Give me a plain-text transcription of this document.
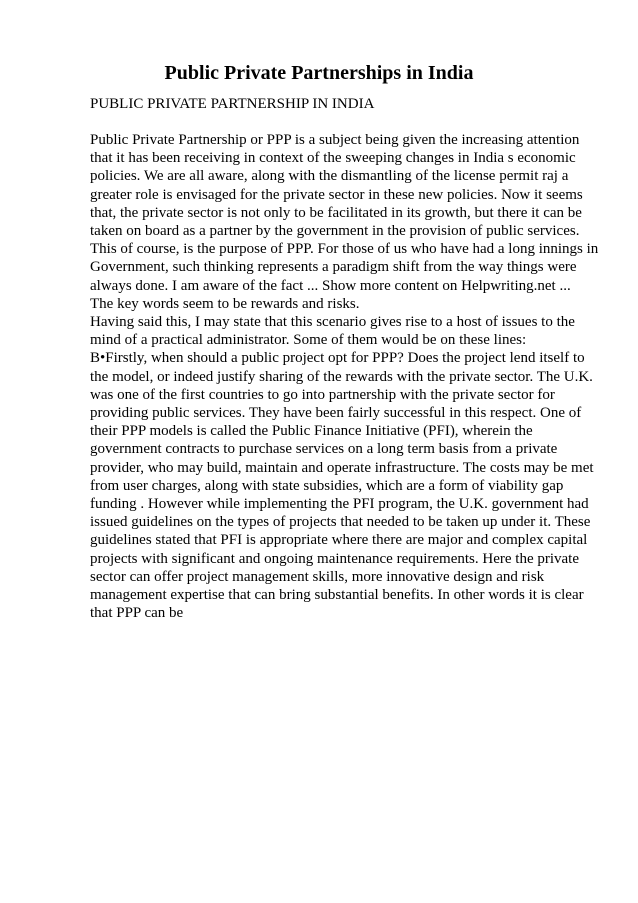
Public Private Partnerships in India

PUBLIC PRIVATE PARTNERSHIP IN INDIA

Public Private Partnership or PPP is a subject being given the increasing attention
that it has been receiving in context of the sweeping changes in India s economic
policies. We are all aware, along with the dismantling of the license permit raj a
greater role is envisaged for the private sector in these new policies. Now it seems
that, the private sector is not only to be facilitated in its growth, but there it can be
taken on board as a partner by the government in the provision of public services.
This of course, is the purpose of PPP. For those of us who have had a long innings in
Government, such thinking represents a paradigm shift from the way things were
always done. I am aware of the fact ... Show more content on Helpwriting.net ...
The key words seem to be rewards and risks.
Having said this, I may state that this scenario gives rise to a host of issues to the
mind of a practical administrator. Some of them would be on these lines:
B•Firstly, when should a public project opt for PPP? Does the project lend itself to
the model, or indeed justify sharing of the rewards with the private sector. The U.K.
was one of the first countries to go into partnership with the private sector for
providing public services. They have been fairly successful in this respect. One of
their PPP models is called the Public Finance Initiative (PFI), wherein the
government contracts to purchase services on a long term basis from a private
provider, who may build, maintain and operate infrastructure. The costs may be met
from user charges, along with state subsidies, which are a form of viability gap
funding . However while implementing the PFI program, the U.K. government had
issued guidelines on the types of projects that needed to be taken up under it. These
guidelines stated that PFI is appropriate where there are major and complex capital
projects with significant and ongoing maintenance requirements. Here the private
sector can offer project management skills, more innovative design and risk
management expertise that can bring substantial benefits. In other words it is clear
that PPP can be
